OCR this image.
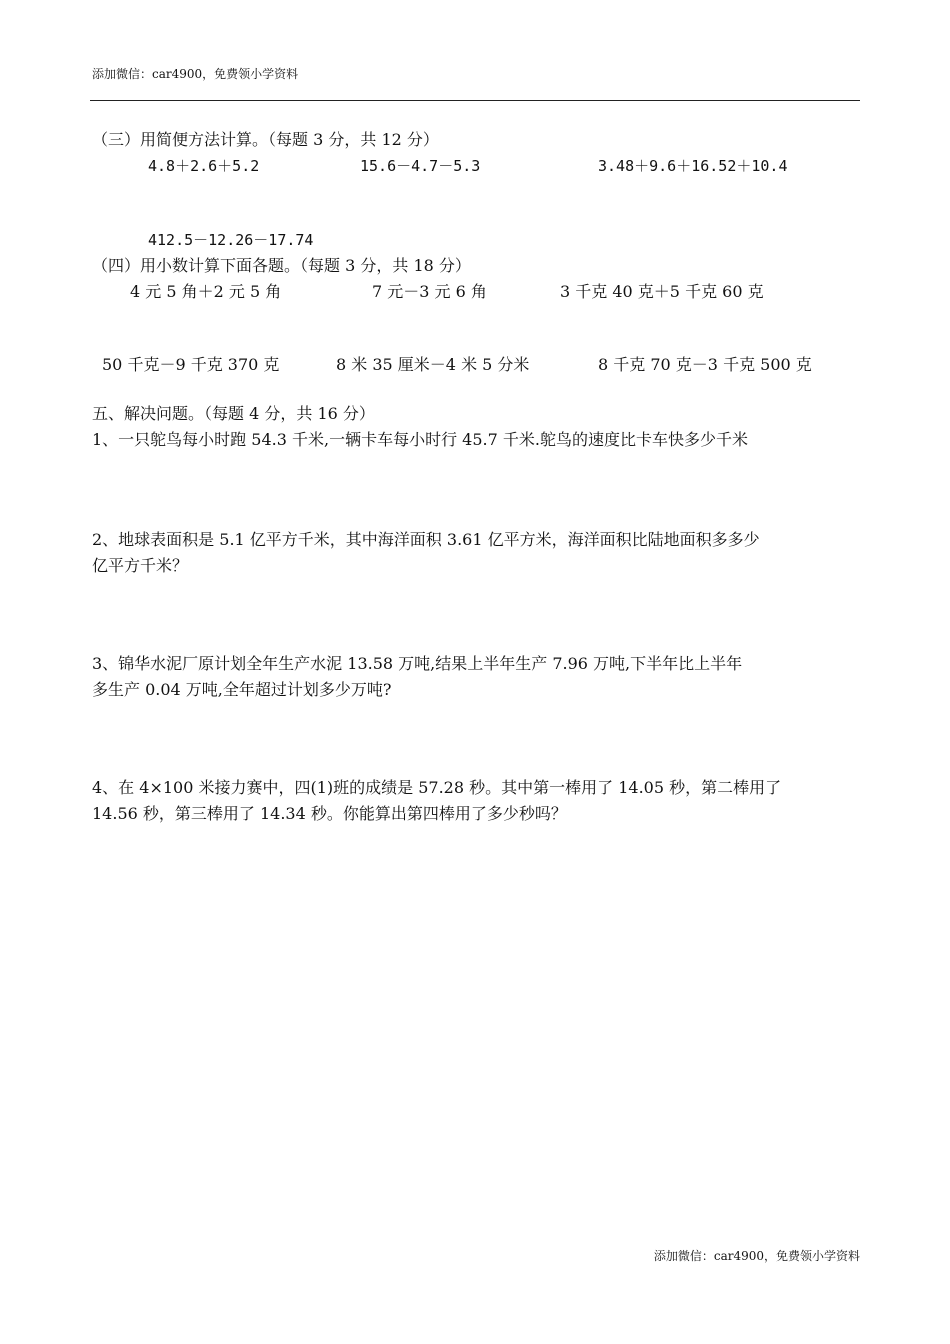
添加微信：car4900，免费领小学资料
（三）用简便方法计算。（每题 3 分，共 12 分）
4.8＋2.6＋5.2	15.6－4.7－5.3	3.48＋9.6＋16.52＋10.4
412.5－12.26－17.74
（四）用小数计算下面各题。（每题 3 分，共 18 分）
4 元 5 角＋2 元 5 角	7 元－3 元 6 角	3 千克 40 克＋5 千克 60 克
50 千克－9 千克 370 克	8 米 35 厘米－4 米 5 分米	8 千克 70 克－3 千克 500 克
五、解决问题。（每题 4 分，共 16 分）
1、一只鸵鸟每小时跑 54.3 千米,一辆卡车每小时行 45.7 千米.鸵鸟的速度比卡车快多少千米
2、地球表面积是 5.1 亿平方千米，其中海洋面积 3.61 亿平方米，海洋面积比陆地面积多多少
亿平方千米？
3、锦华水泥厂原计划全年生产水泥 13.58 万吨,结果上半年生产 7.96 万吨,下半年比上半年
多生产 0.04 万吨,全年超过计划多少万吨?
4、在 4×100 米接力赛中，四(1)班的成绩是 57.28 秒。其中第一棒用了 14.05 秒，第二棒用了
14.56 秒，第三棒用了 14.34 秒。你能算出第四棒用了多少秒吗？
添加微信：car4900，免费领小学资料
